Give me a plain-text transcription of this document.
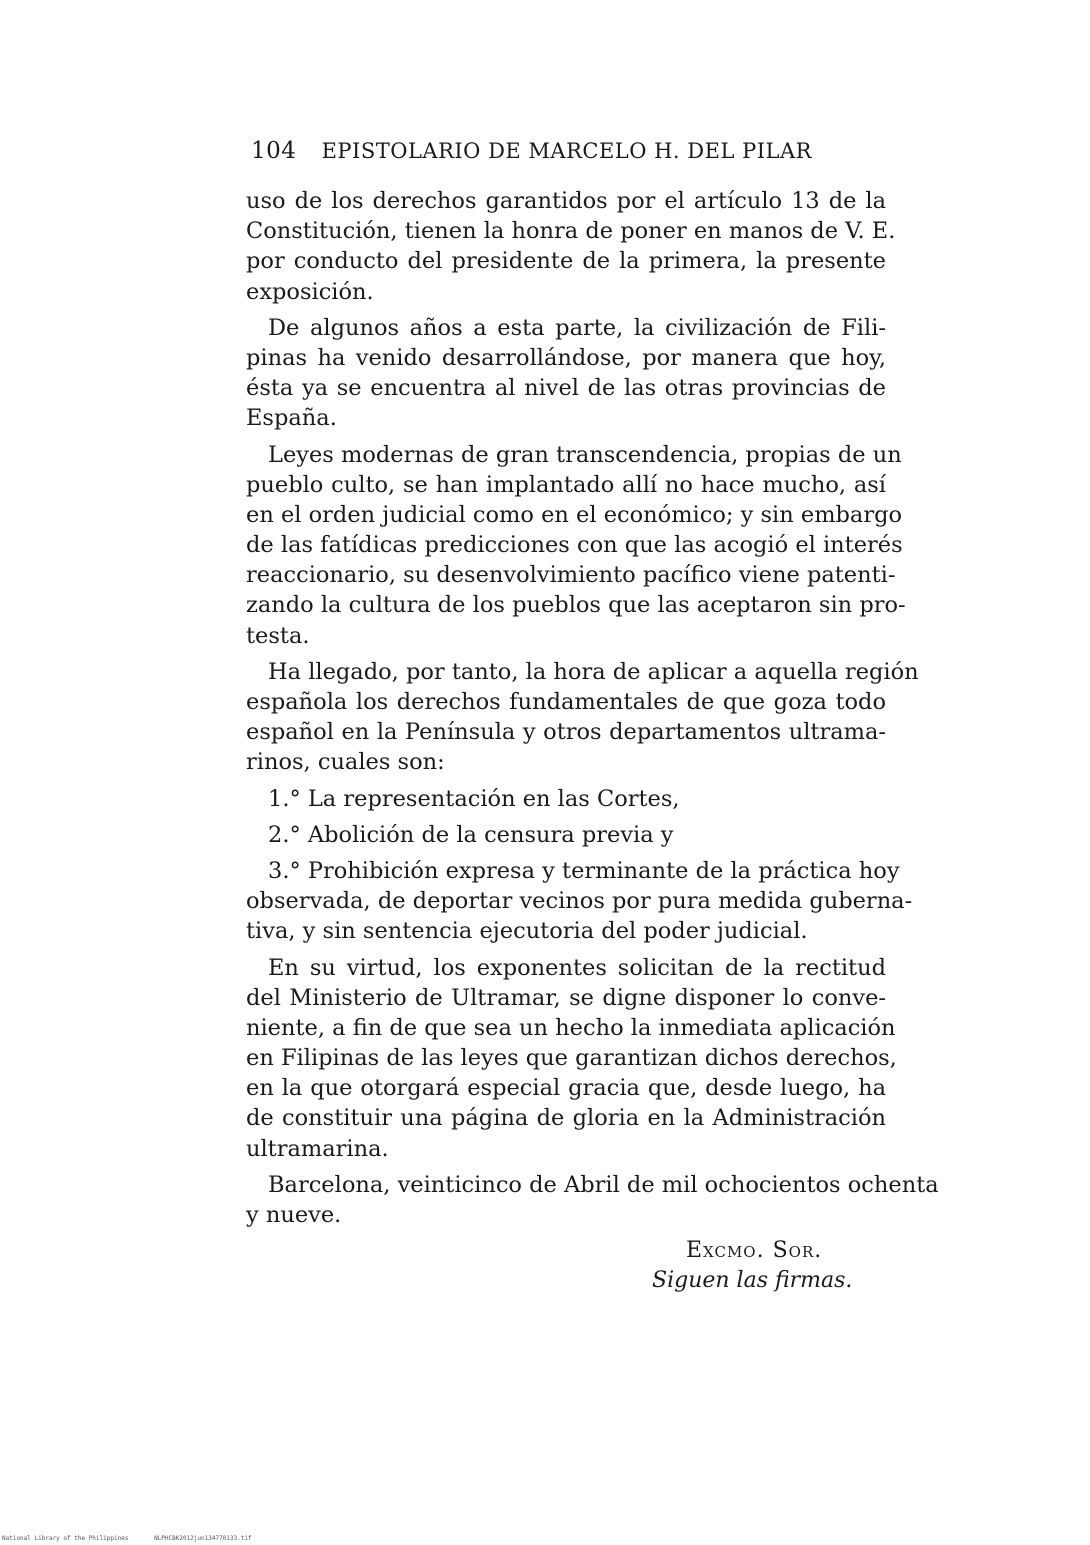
104 EPISTOLARIO DE MARCELO H. DEL PILAR
uso de los derechos garantidos por el artículo 13 de la
Constitución, tienen la honra de poner en manos de V. E.
por conducto del presidente de la primera, la presente
exposición.
De algunos años a esta parte, la civilización de Fili-
pinas ha venido desarrollándose, por manera que hoy,
ésta ya se encuentra al nivel de las otras provincias de
España.
Leyes modernas de gran transcendencia, propias de un
pueblo culto, se han implantado allí no hace mucho, así
en el orden judicial como en el económico; y sin embargo
de las fatídicas predicciones con que las acogió el interés
reaccionario, su desenvolvimiento pacífico viene patenti-
zando la cultura de los pueblos que las aceptaron sin pro-
testa.
Ha llegado, por tanto, la hora de aplicar a aquella región
española los derechos fundamentales de que goza todo
español en la Península y otros departamentos ultrama-
rinos, cuales son:
1.° La representación en las Cortes,
2.° Abolición de la censura previa y
3.° Prohibición expresa y terminante de la práctica hoy
observada, de deportar vecinos por pura medida guberna-
tiva, y sin sentencia ejecutoria del poder judicial.
En su virtud, los exponentes solicitan de la rectitud
del Ministerio de Ultramar, se digne disponer lo conve-
niente, a fin de que sea un hecho la inmediata aplicación
en Filipinas de las leyes que garantizan dichos derechos,
en la que otorgará especial gracia que, desde luego, ha
de constituir una página de gloria en la Administración
ultramarina.
Barcelona, veinticinco de Abril de mil ochocientos ochenta
y nueve.
Excmo. Sor.
Siguen las firmas.
National Library of the Philippines	NLPHCBK2012jun134770133.tif
